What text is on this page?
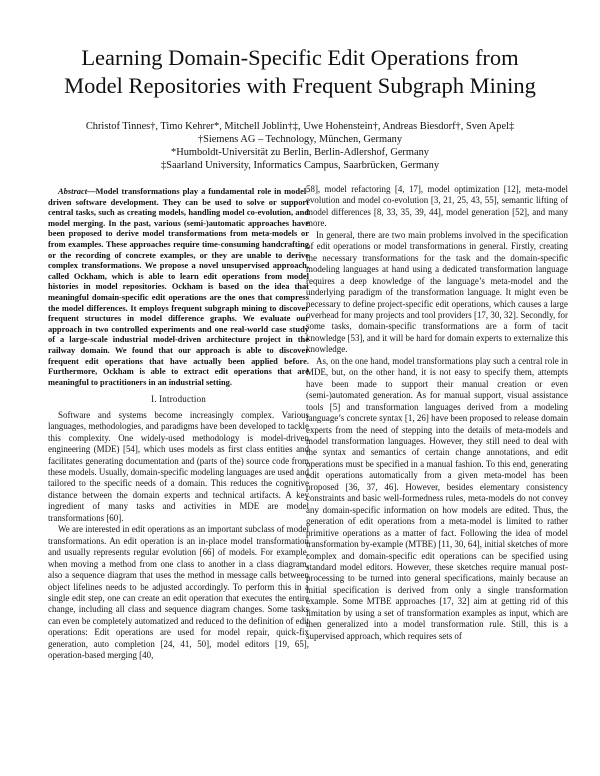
Learning Domain-Specific Edit Operations from
Model Repositories with Frequent Subgraph Mining
Christof Tinnes†, Timo Kehrer*, Mitchell Joblin†‡, Uwe Hohenstein†, Andreas Biesdorf†, Sven Apel‡
†Siemens AG – Technology, München, Germany
*Humboldt-Universität zu Berlin, Berlin-Adlershof, Germany
‡Saarland University, Informatics Campus, Saarbrücken, Germany

Abstract—Model transformations play a fundamental role in model-driven software development. They can be used to solve or support central tasks, such as creating models, handling model co-evolution, and model merging. In the past, various (semi-)automatic approaches have been proposed to derive model transformations from meta-models or from examples. These approaches require time-consuming handcrafting or the recording of concrete examples, or they are unable to derive complex transformations. We propose a novel unsupervised approach, called Ockham, which is able to learn edit operations from model histories in model repositories. Ockham is based on the idea that meaningful domain-specific edit operations are the ones that compress the model differences. It employs frequent subgraph mining to discover frequent structures in model difference graphs. We evaluate our approach in two controlled experiments and one real-world case study of a large-scale industrial model-driven architecture project in the railway domain. We found that our approach is able to discover frequent edit operations that have actually been applied before. Furthermore, Ockham is able to extract edit operations that are meaningful to practitioners in an industrial setting.

I. Introduction

Software and systems become increasingly complex. Various languages, methodologies, and paradigms have been developed to tackle this complexity. One widely-used methodology is model-driven engineering (MDE) [54], which uses models as first class entities and facilitates generating documentation and (parts of the) source code from these models. Usually, domain-specific modeling languages are used and tailored to the specific needs of a domain. This reduces the cognitive distance between the domain experts and technical artifacts. A key ingredient of many tasks and activities in MDE are model transformations [60].

We are interested in edit operations as an important subclass of model transformations. An edit operation is an in-place model transformation and usually represents regular evolution [66] of models. For example, when moving a method from one class to another in a class diagram, also a sequence diagram that uses the method in message calls between object lifelines needs to be adjusted accordingly. To perform this in a single edit step, one can create an edit operation that executes the entire change, including all class and sequence diagram changes. Some tasks can even be completely automatized and reduced to the definition of edit operations: Edit operations are used for model repair, quick-fix generation, auto completion [24, 41, 50], model editors [19, 65], operation-based merging [40,

58], model refactoring [4, 17], model optimization [12], meta-model evolution and model co-evolution [3, 21, 25, 43, 55], semantic lifting of model differences [8, 33, 35, 39, 44], model generation [52], and many more.

In general, there are two main problems involved in the specification of edit operations or model transformations in general. Firstly, creating the necessary transformations for the task and the domain-specific modeling languages at hand using a dedicated transformation language requires a deep knowledge of the language’s meta-model and the underlying paradigm of the transformation language. It might even be necessary to define project-specific edit operations, which causes a large overhead for many projects and tool providers [17, 30, 32]. Secondly, for some tasks, domain-specific transformations are a form of tacit knowledge [53], and it will be hard for domain experts to externalize this knowledge.

As, on the one hand, model transformations play such a central role in MDE, but, on the other hand, it is not easy to specify them, attempts have been made to support their manual creation or even (semi-)automated generation. As for manual support, visual assistance tools [5] and transformation languages derived from a modeling language’s concrete syntax [1, 26] have been proposed to release domain experts from the need of stepping into the details of meta-models and model transformation languages. However, they still need to deal with the syntax and semantics of certain change annotations, and edit operations must be specified in a manual fashion. To this end, generating edit operations automatically from a given meta-model has been proposed [36, 37, 46]. However, besides elementary consistency constraints and basic well-formedness rules, meta-models do not convey any domain-specific information on how models are edited. Thus, the generation of edit operations from a meta-model is limited to rather primitive operations as a matter of fact. Following the idea of model transformation by-example (MTBE) [11, 30, 64], initial sketches of more complex and domain-specific edit operations can be specified using standard model editors. However, these sketches require manual post-processing to be turned into general specifications, mainly because an initial specification is derived from only a single transformation example. Some MTBE approaches [17, 32] aim at getting rid of this limitation by using a set of transformation examples as input, which are then generalized into a model transformation rule. Still, this is a supervised approach, which requires sets of
